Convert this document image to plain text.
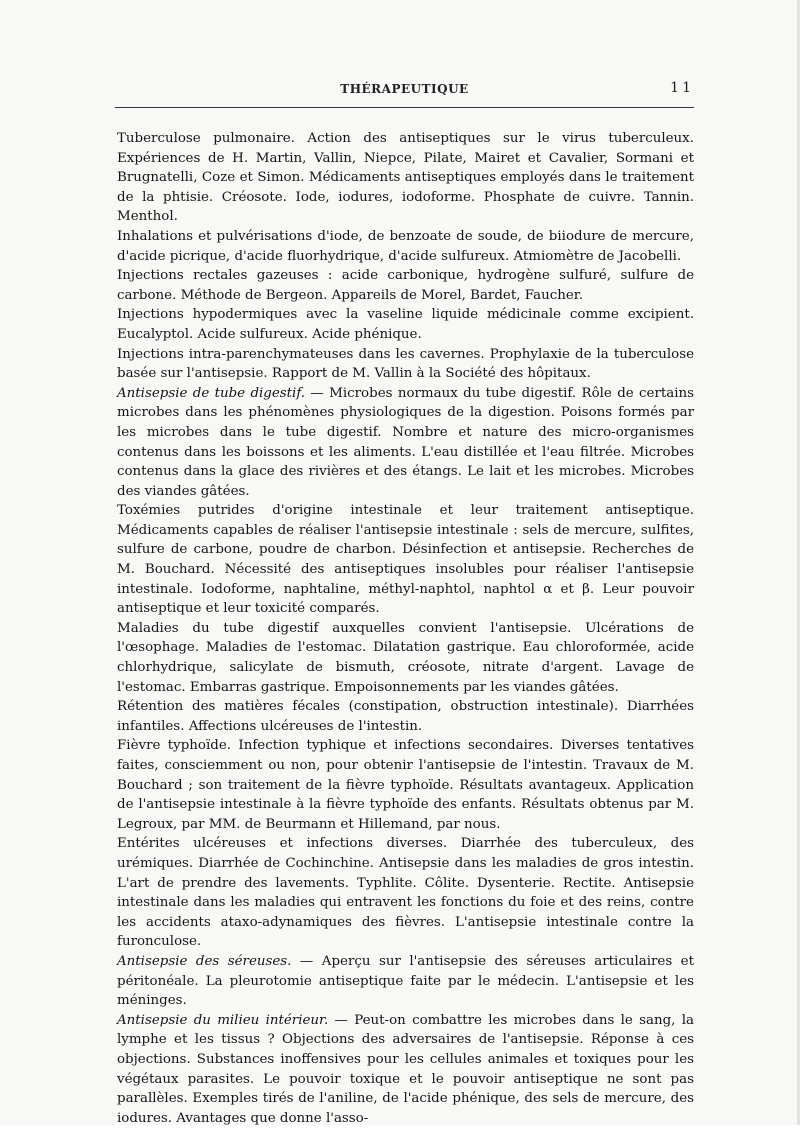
THÉRAPEUTIQUE	11

Tuberculose pulmonaire. Action des antiseptiques sur le virus tuberculeux. Expériences de H. Martin, Vallin, Niepce, Pilate, Mairet et Cavalier, Sormani et Brugnatelli, Coze et Simon. Médicaments antiseptiques employés dans le traitement de la phtisie. Créosote. Iode, iodures, iodoforme. Phosphate de cuivre. Tannin. Menthol.

Inhalations et pulvérisations d'iode, de benzoate de soude, de biiodure de mercure, d'acide picrique, d'acide fluorhydrique, d'acide sulfureux. Atmiomètre de Jacobelli.

Injections rectales gazeuses : acide carbonique, hydrogène sulfuré, sulfure de carbone. Méthode de Bergeon. Appareils de Morel, Bardet, Faucher.

Injections hypodermiques avec la vaseline liquide médicinale comme excipient. Eucalyptol. Acide sulfureux. Acide phénique.

Injections intra-parenchymateuses dans les cavernes. Prophylaxie de la tuberculose basée sur l'antisepsie. Rapport de M. Vallin à la Société des hôpitaux.

Antisepsie de tube digestif. — Microbes normaux du tube digestif. Rôle de certains microbes dans les phénomènes physiologiques de la digestion. Poisons formés par les microbes dans le tube digestif. Nombre et nature des micro-organismes contenus dans les boissons et les aliments. L'eau distillée et l'eau filtrée. Microbes contenus dans la glace des rivières et des étangs. Le lait et les microbes. Microbes des viandes gâtées.

Toxémies putrides d'origine intestinale et leur traitement antiseptique. Médicaments capables de réaliser l'antisepsie intestinale : sels de mercure, sulfites, sulfure de carbone, poudre de charbon. Désinfection et antisepsie. Recherches de M. Bouchard. Nécessité des antiseptiques insolubles pour réaliser l'antisepsie intestinale. Iodoforme, naphtaline, méthyl-naphtol, naphtol α et β. Leur pouvoir antiseptique et leur toxicité comparés.

Maladies du tube digestif auxquelles convient l'antisepsie. Ulcérations de l'œsophage. Maladies de l'estomac. Dilatation gastrique. Eau chloroformée, acide chlorhydrique, salicylate de bismuth, créosote, nitrate d'argent. Lavage de l'estomac. Embarras gastrique. Empoisonnements par les viandes gâtées.

Rétention des matières fécales (constipation, obstruction intestinale). Diarrhées infantiles. Affections ulcéreuses de l'intestin.

Fièvre typhoïde. Infection typhique et infections secondaires. Diverses tentatives faites, consciemment ou non, pour obtenir l'antisepsie de l'intestin. Travaux de M. Bouchard ; son traitement de la fièvre typhoïde. Résultats avantageux. Application de l'antisepsie intestinale à la fièvre typhoïde des enfants. Résultats obtenus par M. Legroux, par MM. de Beurmann et Hillemand, par nous.

Entérites ulcéreuses et infections diverses. Diarrhée des tuberculeux, des urémiques. Diarrhée de Cochinchine. Antisepsie dans les maladies de gros intestin. L'art de prendre des lavements. Typhlite. Côlite. Dysenterie. Rectite. Antisepsie intestinale dans les maladies qui entravent les fonctions du foie et des reins, contre les accidents ataxo-adynamiques des fièvres. L'antisepsie intestinale contre la furonculose.

Antisepsie des séreuses. — Aperçu sur l'antisepsie des séreuses articulaires et péritonéale. La pleurotomie antiseptique faite par le médecin. L'antisepsie et les méninges.

Antisepsie du milieu intérieur. — Peut-on combattre les microbes dans le sang, la lymphe et les tissus ? Objections des adversaires de l'antisepsie. Réponse à ces objections. Substances inoffensives pour les cellules animales et toxiques pour les végétaux parasites. Le pouvoir toxique et le pouvoir antiseptique ne sont pas parallèles. Exemples tirés de l'aniline, de l'acide phénique, des sels de mercure, des iodures. Avantages que donne l'asso-
